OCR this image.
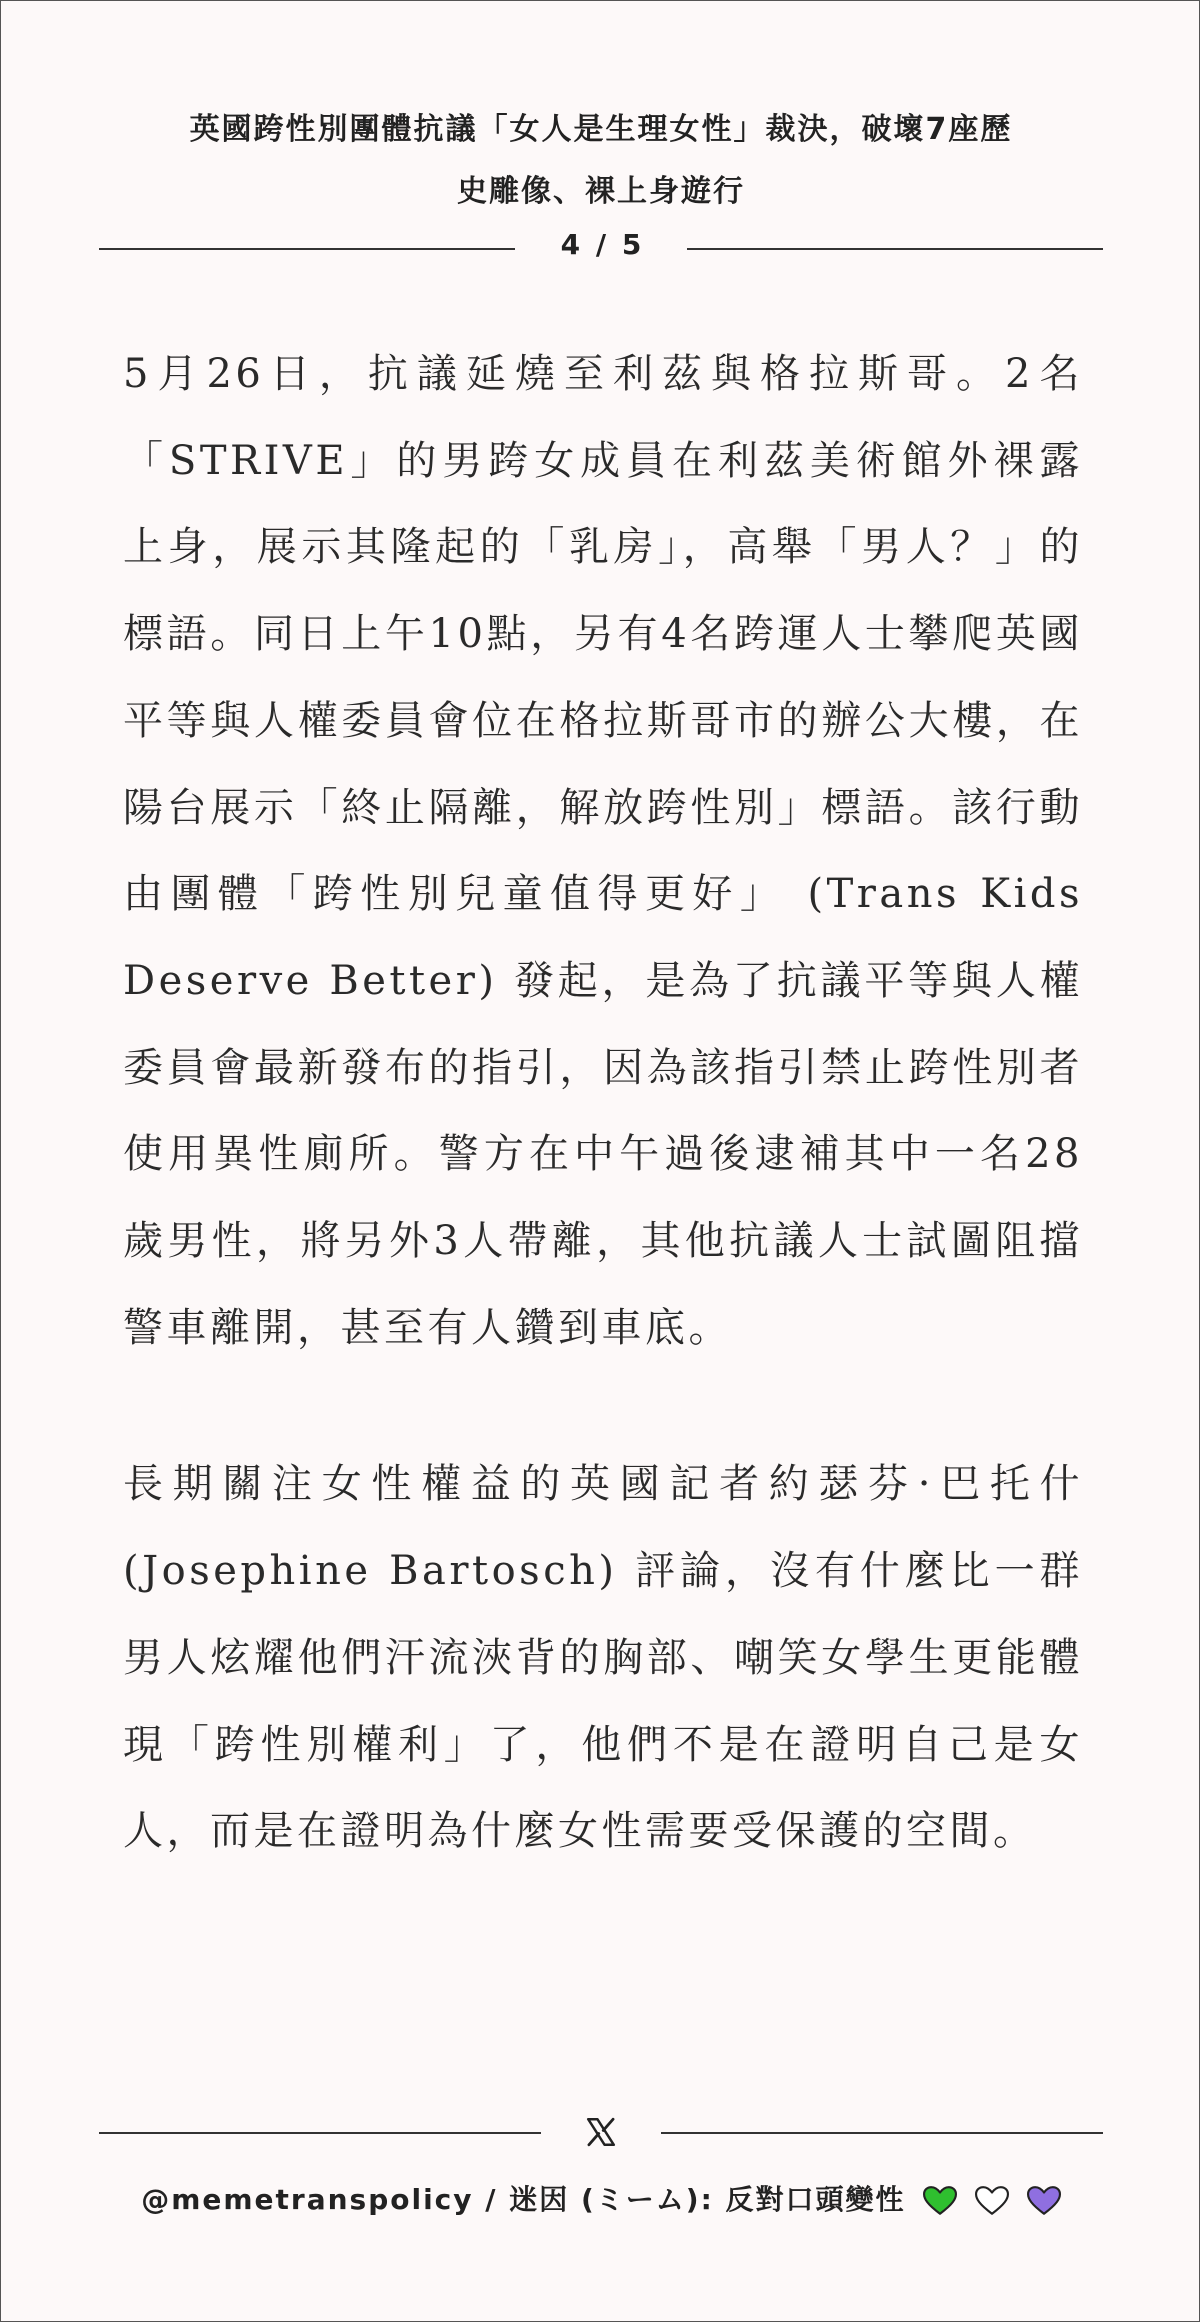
英國跨性別團體抗議「女人是生理女性」裁決，破壞7座歷
史雕像、裸上身遊行
4 / 5

5月26日，抗議延燒至利茲與格拉斯哥。2名「STRIVE」的男跨女成員在利茲美術館外裸露上身，展示其隆起的「乳房」，高舉「男人？」的標語。同日上午10點，另有4名跨運人士攀爬英國平等與人權委員會位在格拉斯哥市的辦公大樓，在陽台展示「終止隔離，解放跨性別」標語。該行動由團體「跨性別兒童值得更好」 (Trans Kids Deserve Better) 發起，是為了抗議平等與人權委員會最新發布的指引，因為該指引禁止跨性別者使用異性廁所。警方在中午過後逮補其中一名28歲男性，將另外3人帶離，其他抗議人士試圖阻擋警車離開，甚至有人鑽到車底。

長期關注女性權益的英國記者約瑟芬·巴托什 (Josephine Bartosch) 評論，沒有什麼比一群男人炫耀他們汗流浹背的胸部、嘲笑女學生更能體現「跨性別權利」了，他們不是在證明自己是女人，而是在證明為什麼女性需要受保護的空間。

@memetranspolicy / 迷因 (ミーム): 反對口頭變性
